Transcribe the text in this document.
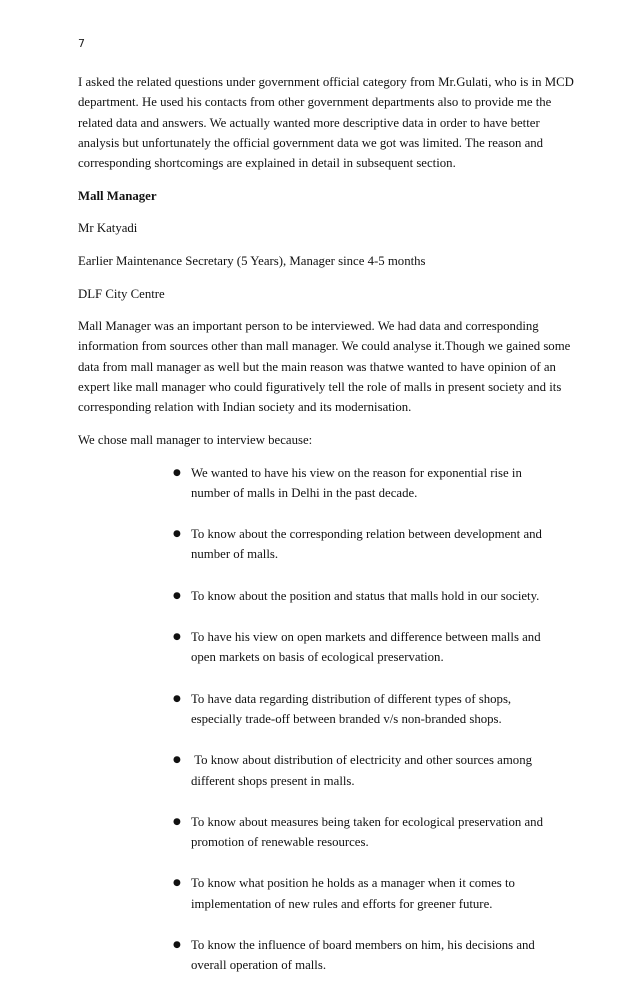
7

I asked the related questions under government official category from Mr.Gulati, who is in MCD department. He used his contacts from other government departments also to provide me the related data and answers. We actually wanted more descriptive data in order to have better analysis but unfortunately the official government data we got was limited. The reason and corresponding shortcomings are explained in detail in subsequent section.

Mall Manager

Mr Katyadi

Earlier Maintenance Secretary (5 Years), Manager since 4-5 months

DLF City Centre

Mall Manager was an important person to be interviewed. We had data and corresponding information from sources other than mall manager. We could analyse it.Though we gained some data from mall manager as well but the main reason was thatwe wanted to have opinion of an expert like mall manager who could figuratively tell the role of malls in present society and its corresponding relation with Indian society and its modernisation.

We chose mall manager to interview because:

● We wanted to have his view on the reason for exponential rise in number of malls in Delhi in the past decade.
● To know about the corresponding relation between development and number of malls.
● To know about the position and status that malls hold in our society.
● To have his view on open markets and difference between malls and open markets on basis of ecological preservation.
● To have data regarding distribution of different types of shops, especially trade-off between branded v/s non-branded shops.
● To know about distribution of electricity and other sources among different shops present in malls.
● To know about measures being taken for ecological preservation and promotion of renewable resources.
● To know what position he holds as a manager when it comes to implementation of new rules and efforts for greener future.
● To know the influence of board members on him, his decisions and overall operation of malls.
